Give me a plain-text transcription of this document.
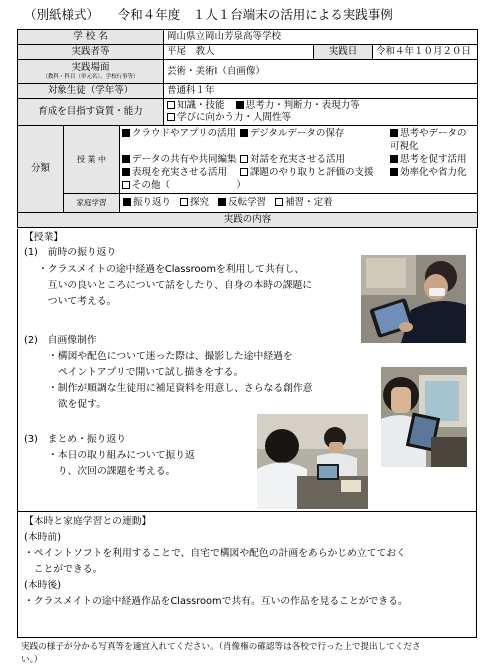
（別紙様式）　　令和４年度　１人１台端末の活用による実践事例
学 校 名	岡山県立岡山芳泉高等学校
実践者等	平尾　教人	実践日	令和４年１０月２０日

実践場面
（教科・科目（単元名）、学校行事等）
	芸術・美術Ⅰ（自画像）
対象生徒（学年等）	普通科１年
育成を目指す資質・能力	知識・技能 思考力・判断力・表現力等 学びに向かう力・人間性等
分類	授 業 中	
クラウドやアプリの活用	デジタルデータの保存	思考やデータの可視化

データの共有や共同編集	対話を充実させる活用	思考を促す活用
表現を充実させる活用	課題のやり取りと評価の支援	効率化や省力化
その他（　　　　　　　）

家庭学習	振り返り 探究 反転学習 補習・定着
実践の内容
【授業】
(1)　前時の振り返り
・クラスメイトの途中経過をClassroomを利用して共有し、
　互いの良いところについて話をしたり、自身の本時の課題に
　ついて考える。
(2)　自画像制作
・構図や配色について迷った際は、撮影した途中経過を
　ペイントアプリで開いて試し描きをする。
・制作が順調な生徒用に補足資料を用意し、さらなる創作意
　欲を促す。
(3)　まとめ・振り返り
・本日の取り組みについて振り返
　り、次回の課題を考える。
【本時と家庭学習との連動】
(本時前)
・ペイントソフトを利用することで、自宅で構図や配色の計画をあらかじめ立てておく
　ことができる。
(本時後)
・クラスメイトの途中経過作品をClassroomで共有。互いの作品を見ることができる。
実践の様子が分かる写真等を適宜入れてください。（肖像権の確認等は各校で行った上で提出してくださ
い。）
